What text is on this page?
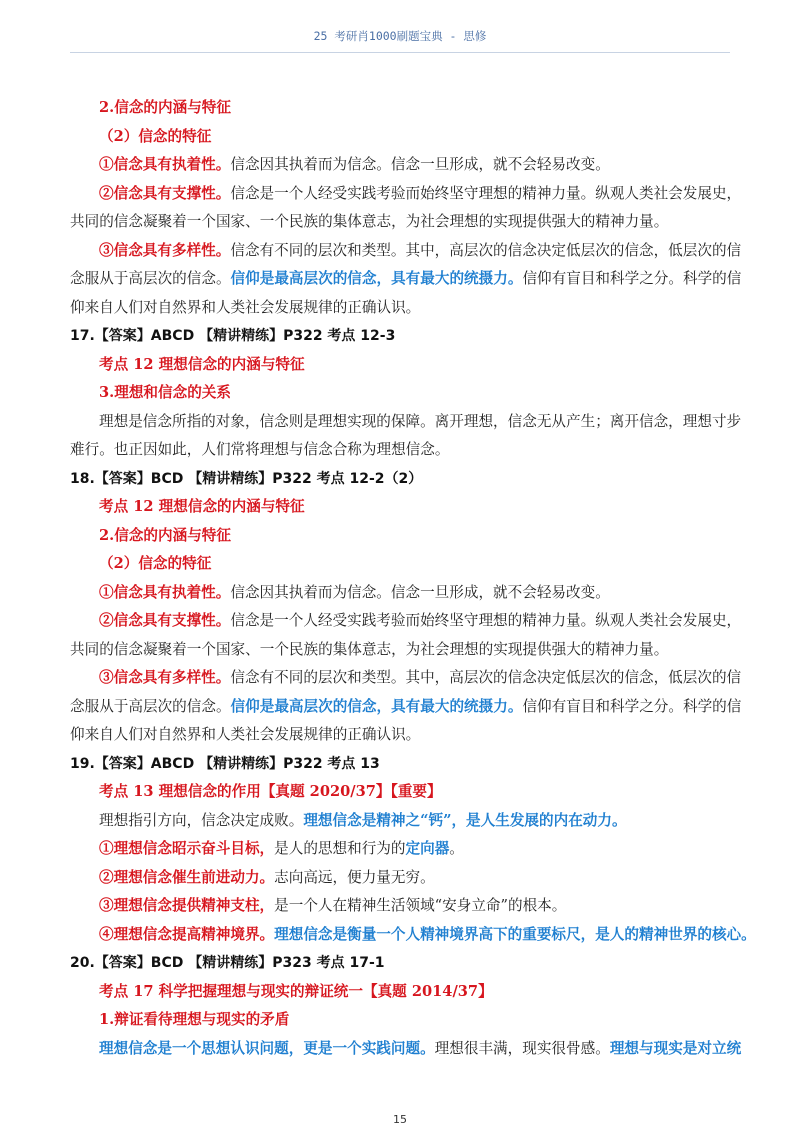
25 考研肖1000刷题宝典 - 思修
2.信念的内涵与特征
（2）信念的特征
①信念具有执着性。信念因其执着而为信念。信念一旦形成，就不会轻易改变。
②信念具有支撑性。信念是一个人经受实践考验而始终坚守理想的精神力量。纵观人类社会发展史，
共同的信念凝聚着一个国家、一个民族的集体意志，为社会理想的实现提供强大的精神力量。
③信念具有多样性。信念有不同的层次和类型。其中，高层次的信念决定低层次的信念，低层次的信
念服从于高层次的信念。信仰是最高层次的信念，具有最大的统摄力。信仰有盲目和科学之分。科学的信
仰来自人们对自然界和人类社会发展规律的正确认识。
17.【答案】ABCD 【精讲精练】P322 考点 12-3
考点 12 理想信念的内涵与特征
3.理想和信念的关系
理想是信念所指的对象，信念则是理想实现的保障。离开理想，信念无从产生；离开信念，理想寸步
难行。也正因如此，人们常将理想与信念合称为理想信念。
18.【答案】BCD 【精讲精练】P322 考点 12-2（2）
考点 12 理想信念的内涵与特征
2.信念的内涵与特征
（2）信念的特征
①信念具有执着性。信念因其执着而为信念。信念一旦形成，就不会轻易改变。
②信念具有支撑性。信念是一个人经受实践考验而始终坚守理想的精神力量。纵观人类社会发展史，
共同的信念凝聚着一个国家、一个民族的集体意志，为社会理想的实现提供强大的精神力量。
③信念具有多样性。信念有不同的层次和类型。其中，高层次的信念决定低层次的信念，低层次的信
念服从于高层次的信念。信仰是最高层次的信念，具有最大的统摄力。信仰有盲目和科学之分。科学的信
仰来自人们对自然界和人类社会发展规律的正确认识。
19.【答案】ABCD 【精讲精练】P322 考点 13
考点 13 理想信念的作用【真题 2020/37】【重要】
理想指引方向，信念决定成败。理想信念是精神之“钙”，是人生发展的内在动力。
①理想信念昭示奋斗目标，是人的思想和行为的定向器。
②理想信念催生前进动力。志向高远，便力量无穷。
③理想信念提供精神支柱，是一个人在精神生活领域“安身立命”的根本。
④理想信念提高精神境界。理想信念是衡量一个人精神境界高下的重要标尺，是人的精神世界的核心。
20.【答案】BCD 【精讲精练】P323 考点 17-1
考点 17 科学把握理想与现实的辩证统一【真题 2014/37】
1.辩证看待理想与现实的矛盾
理想信念是一个思想认识问题，更是一个实践问题。理想很丰满，现实很骨感。理想与现实是对立统
15
